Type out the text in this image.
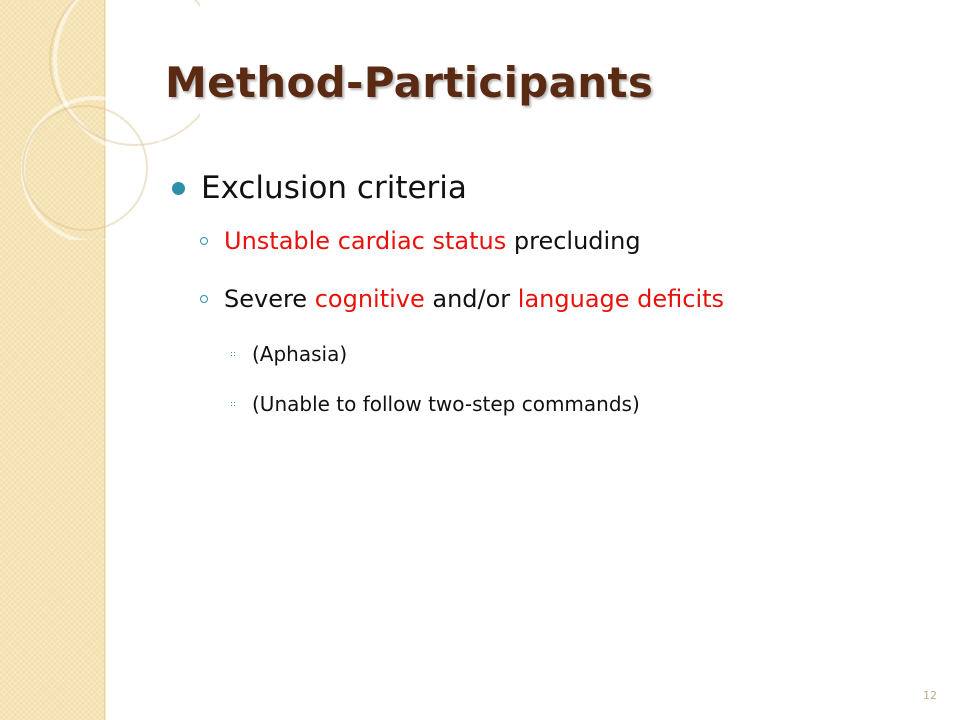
Method-Participants
Exclusion criteria
Unstable cardiac status precluding
Severe cognitive and/or language deficits
(Aphasia)
(Unable to follow two-step commands)
12
